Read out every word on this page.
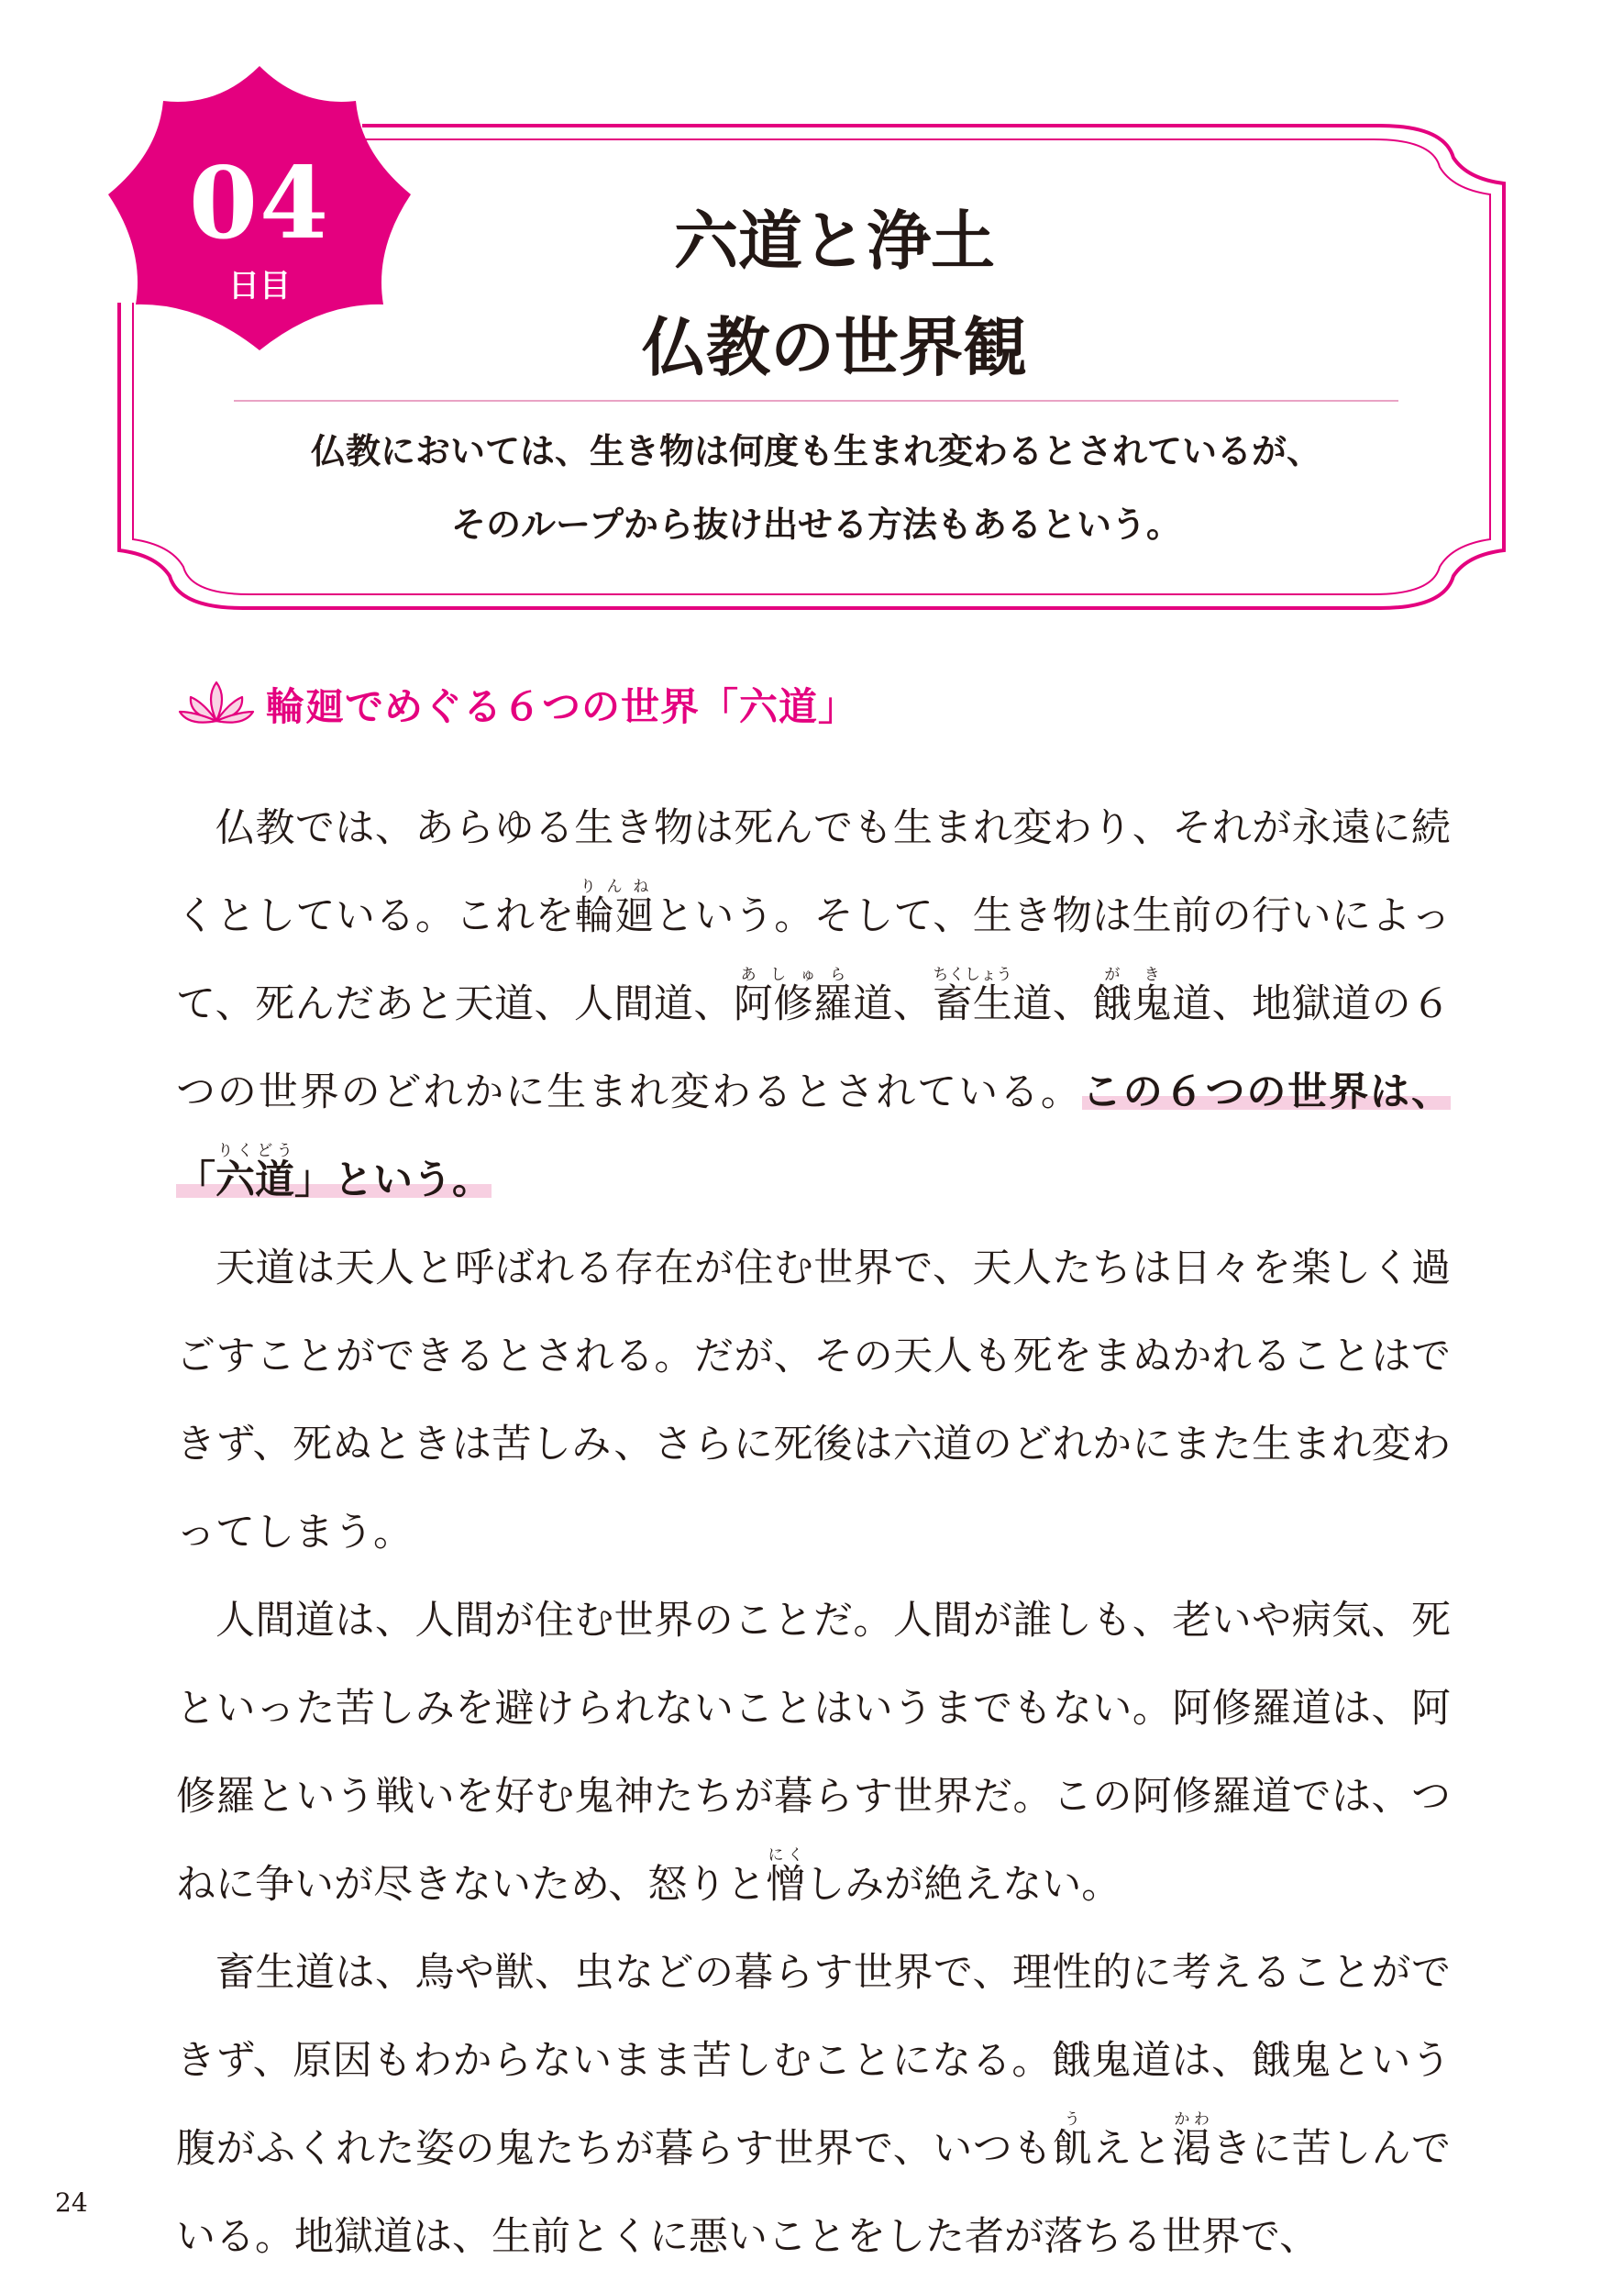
04
日目
六道と浄土
仏教の世界観
仏教においては、生き物は何度も生まれ変わるとされているが、
そのループから抜け出せる方法もあるという。
輪廻でめぐる６つの世界「六道」

仏教では、あらゆる生き物は死んでも生まれ変わり、それが永遠に続くとしている。これを輪廻りんねという。そして、生き物は生前の行いによって、死んだあと天道、人間道、阿修羅あしゅら道、畜生ちくしょう道、餓鬼がき道、地獄道の６つの世界のどれかに生まれ変わるとされている。この６つの世界は、「六道りくどう」という。

天道は天人と呼ばれる存在が住む世界で、天人たちは日々を楽しく過ごすことができるとされる。だが、その天人も死をまぬかれることはできず、死ぬときは苦しみ、さらに死後は六道のどれかにまた生まれ変わってしまう。

人間道は、人間が住む世界のことだ。人間が誰しも、老いや病気、死といった苦しみを避けられないことはいうまでもない。阿修羅道は、阿修羅という戦いを好む鬼神たちが暮らす世界だ。この阿修羅道では、つねに争いが尽きないため、怒りと憎にくしみが絶えない。

畜生道は、鳥や獣、虫などの暮らす世界で、理性的に考えることができず、原因もわからないまま苦しむことになる。餓鬼道は、餓鬼という腹がふくれた姿の鬼たちが暮らす世界で、いつも飢うえと渇かわきに苦しんでいる。地獄道は、生前とくに悪いことをした者が落ちる世界で、

24
